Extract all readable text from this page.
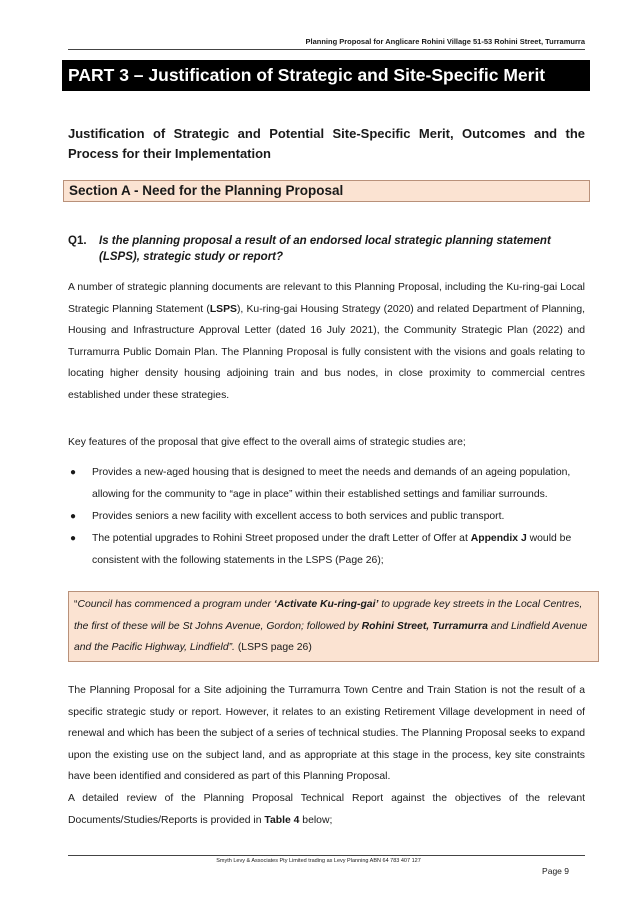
Planning Proposal for Anglicare Rohini Village 51-53 Rohini Street, Turramurra
PART 3 – Justification of Strategic and Site-Specific Merit
Justification of Strategic and Potential Site-Specific Merit, Outcomes and the Process for their Implementation
Section A - Need for the Planning Proposal
Q1. Is the planning proposal a result of an endorsed local strategic planning statement (LSPS), strategic study or report?
A number of strategic planning documents are relevant to this Planning Proposal, including the Ku-ring-gai Local Strategic Planning Statement (LSPS), Ku-ring-gai Housing Strategy (2020) and related Department of Planning, Housing and Infrastructure Approval Letter (dated 16 July 2021), the Community Strategic Plan (2022) and Turramurra Public Domain Plan. The Planning Proposal is fully consistent with the visions and goals relating to locating higher density housing adjoining train and bus nodes, in close proximity to commercial centres established under these strategies.
Key features of the proposal that give effect to the overall aims of strategic studies are;
● Provides a new-aged housing that is designed to meet the needs and demands of an ageing population, allowing for the community to “age in place” within their established settings and familiar surrounds.
● Provides seniors a new facility with excellent access to both services and public transport.
● The potential upgrades to Rohini Street proposed under the draft Letter of Offer at Appendix J would be consistent with the following statements in the LSPS (Page 26);
“Council has commenced a program under ‘Activate Ku-ring-gai’ to upgrade key streets in the Local Centres, the first of these will be St Johns Avenue, Gordon; followed by Rohini Street, Turramurra and Lindfield Avenue and the Pacific Highway, Lindfield”. (LSPS page 26)
The Planning Proposal for a Site adjoining the Turramurra Town Centre and Train Station is not the result of a specific strategic study or report. However, it relates to an existing Retirement Village development in need of renewal and which has been the subject of a series of technical studies. The Planning Proposal seeks to expand upon the existing use on the subject land, and as appropriate at this stage in the process, key site constraints have been identified and considered as part of this Planning Proposal.
A detailed review of the Planning Proposal Technical Report against the objectives of the relevant Documents/Studies/Reports is provided in Table 4 below;
Smyth Levy & Associates Pty Limited trading as Levy Planning ABN 64 783 407 127
Page 9
